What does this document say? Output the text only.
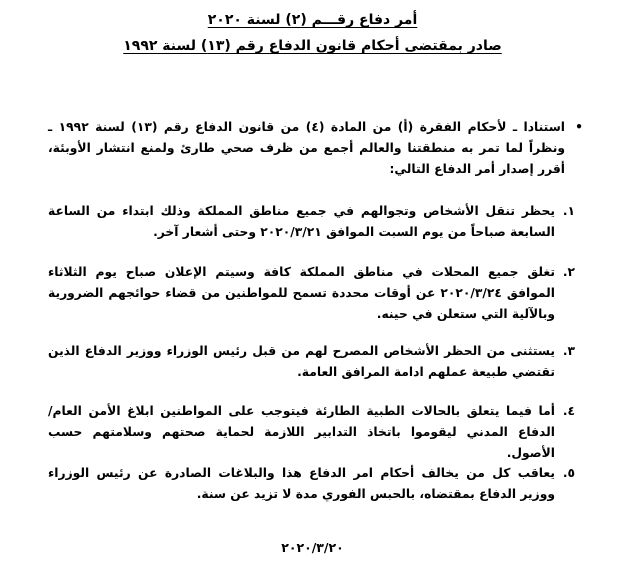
أمر دفاع رقـــم (٢) لسنة ٢٠٢٠
صادر بمقتضى أحكام قانون الدفاع رقم (١٣) لسنة ١٩٩٢
•
استنادا ـ لأحكام الفقرة (أ) من المادة (٤) من قانون الدفاع رقم (١٣) لسنة ١٩٩٢ ـ ونظراً لما تمر به منطقتنا والعالم أجمع من ظرف صحي طارئ ولمنع انتشار الأوبئة، أقرر إصدار أمر الدفاع التالي:
١.
يحظر تنقل الأشخاص وتجوالهم في جميع مناطق المملكة وذلك ابتداء من الساعة السابعة صباحاً من يوم السبت الموافق ٢٠٢٠/٣/٢١ وحتى أشعار آخر.
٢.
تغلق جميع المحلات في مناطق المملكة كافة وسيتم الإعلان صباح يوم الثلاثاء الموافق ٢٠٢٠/٣/٢٤ عن أوقات محددة تسمح للمواطنين من قضاء حوائجهم الضرورية وبالآلية التي ستعلن في حينه.
٣.
يستثنى من الحظر الأشخاص المصرح لهم من قبل رئيس الوزراء ووزير الدفاع الذين تقتضي طبيعة عملهم ادامة المرافق العامة.
٤.
أما فيما يتعلق بالحالات الطبية الطارئة فيتوجب على المواطنين ابلاغ الأمن العام/الدفاع المدني ليقوموا باتخاذ التدابير اللازمة لحماية صحتهم وسلامتهم حسب الأصول.
٥.
يعاقب كل من يخالف أحكام امر الدفاع هذا والبلاغات الصادرة عن رئيس الوزراء ووزير الدفاع بمقتضاه، بالحبس الفوري مدة لا تزيد عن سنة.
٢٠٢٠/٣/٢٠
